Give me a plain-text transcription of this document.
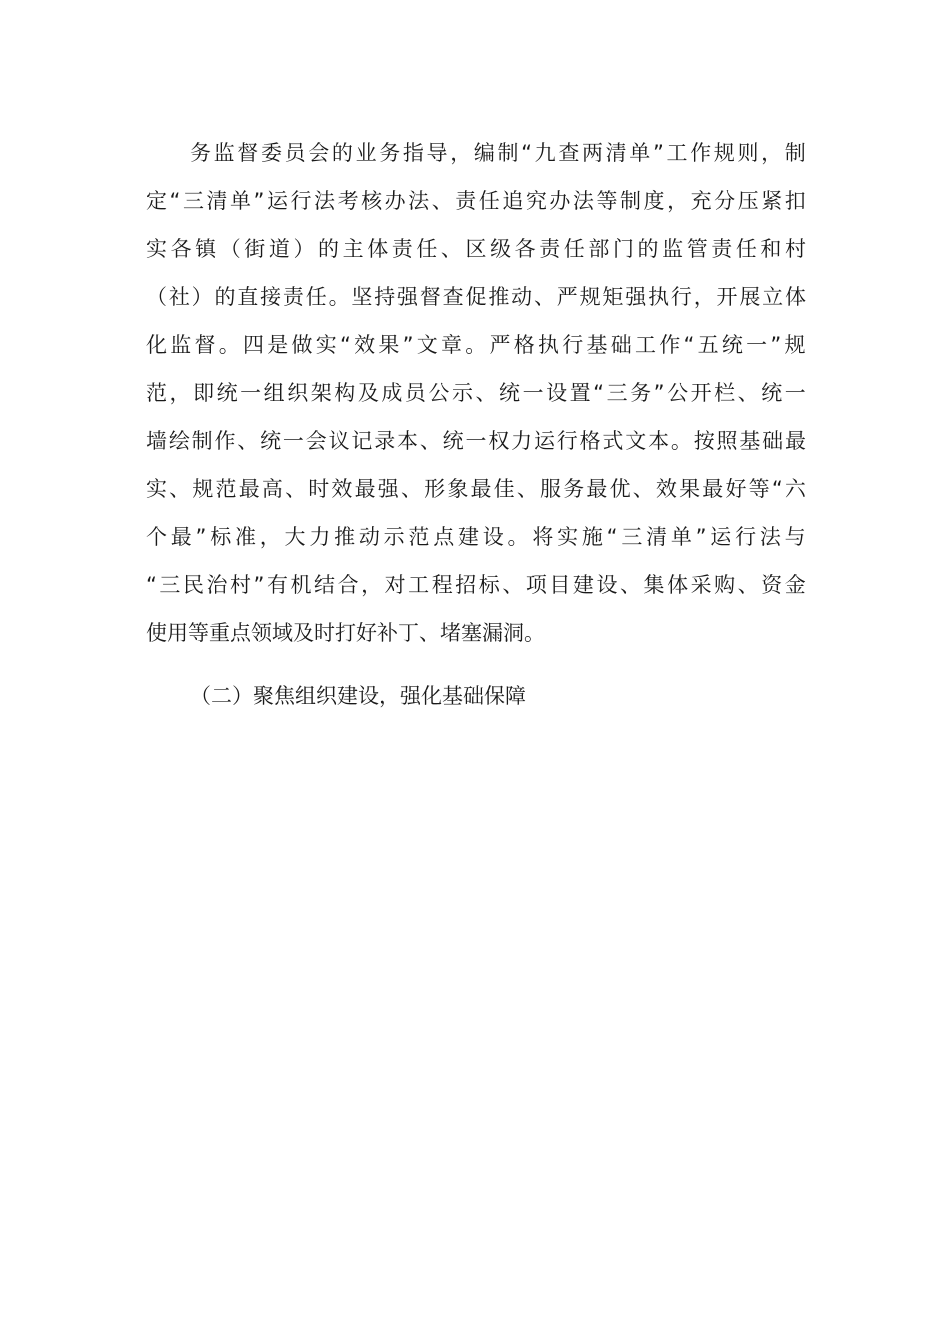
务监督委员会的业务指导，编制“九查两清单”工作规则，制
定“三清单”运行法考核办法、责任追究办法等制度，充分压紧扣
实各镇（街道）的主体责任、区级各责任部门的监管责任和村
（社）的直接责任。坚持强督查促推动、严规矩强执行，开展立体
化监督。四是做实“效果”文章。严格执行基础工作“五统一”规
范，即统一组织架构及成员公示、统一设置“三务”公开栏、统一
墙绘制作、统一会议记录本、统一权力运行格式文本。按照基础最
实、规范最高、时效最强、形象最佳、服务最优、效果最好等“六
个最”标准，大力推动示范点建设。将实施“三清单”运行法与
“三民治村”有机结合，对工程招标、项目建设、集体采购、资金
使用等重点领域及时打好补丁、堵塞漏洞。
（二）聚焦组织建设，强化基础保障
